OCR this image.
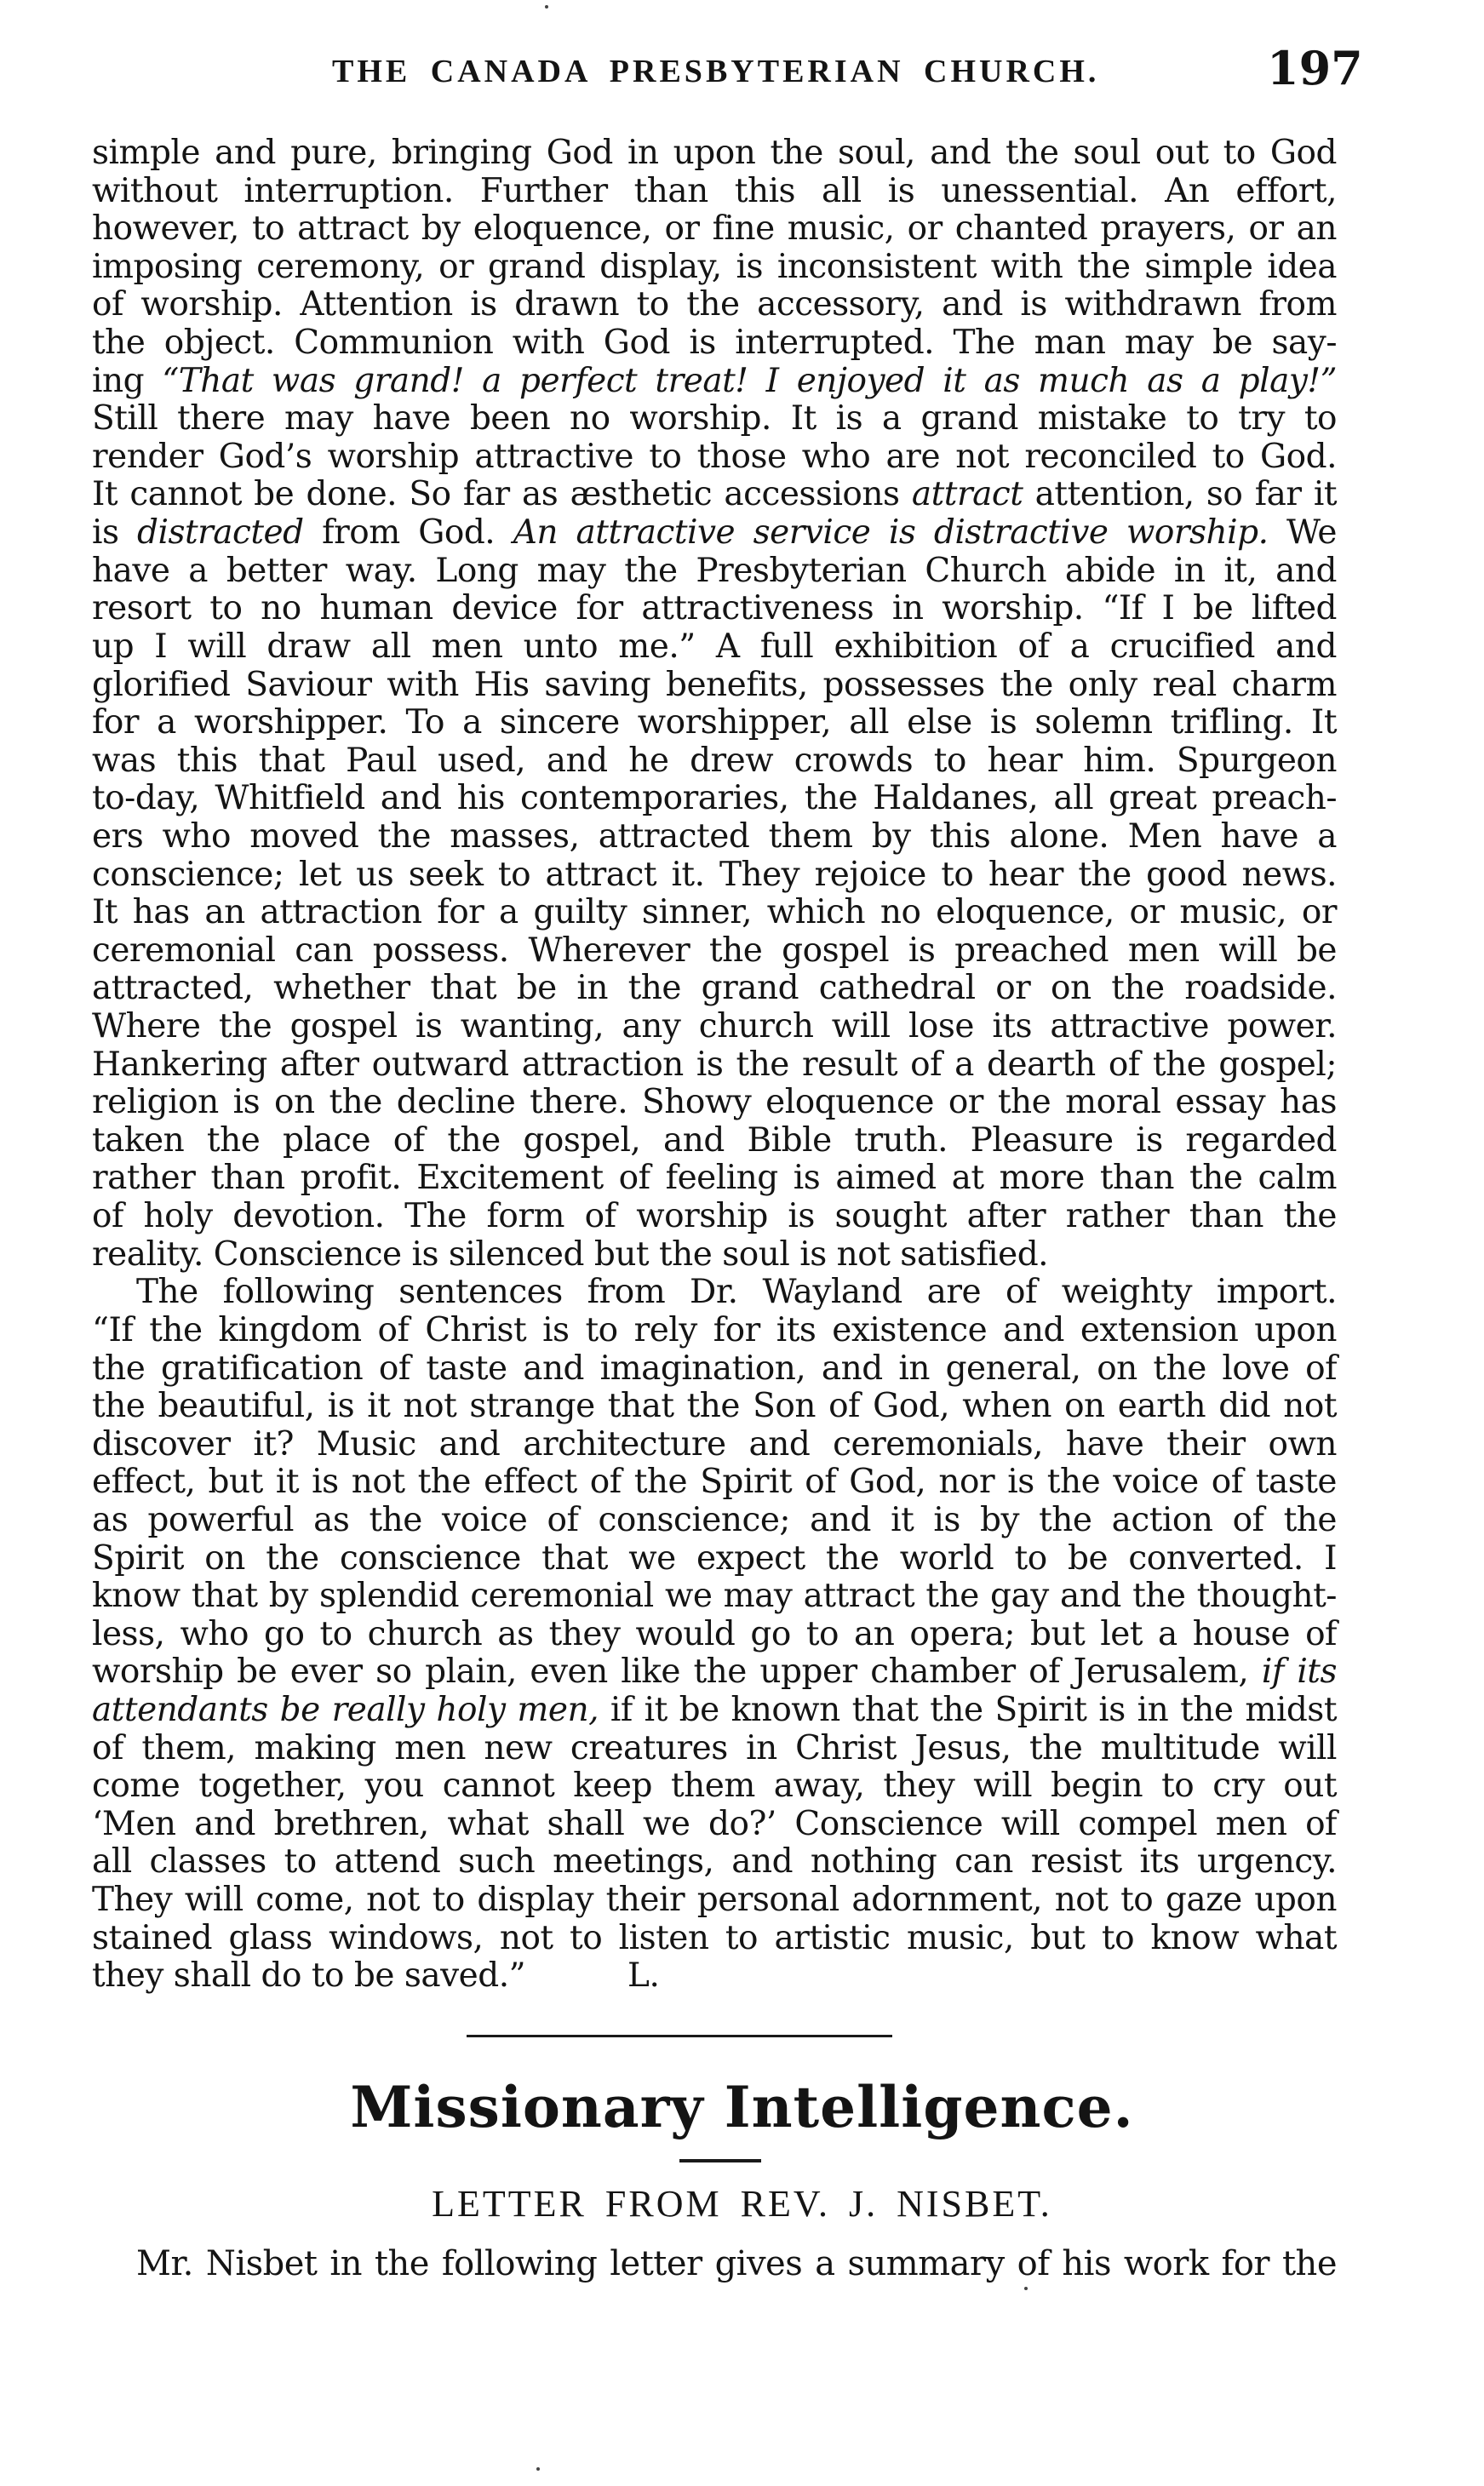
THE CANADA PRESBYTERIAN CHURCH.	197
simple and pure, bringing God in upon the soul, and the soul out to God
without interruption. Further than this all is unessential. An effort,
however, to attract by eloquence, or fine music, or chanted prayers, or an
imposing ceremony, or grand display, is inconsistent with the simple idea
of worship. Attention is drawn to the accessory, and is withdrawn from
the object. Communion with God is interrupted. The man may be say-
ing “That was grand! a perfect treat! I enjoyed it as much as a play!”
Still there may have been no worship. It is a grand mistake to try to
render God’s worship attractive to those who are not reconciled to God.
It cannot be done. So far as æsthetic accessions attract attention, so far it
is distracted from God. An attractive service is distractive worship. We
have a better way. Long may the Presbyterian Church abide in it, and
resort to no human device for attractiveness in worship. “If I be lifted
up I will draw all men unto me.” A full exhibition of a crucified and
glorified Saviour with His saving benefits, possesses the only real charm
for a worshipper. To a sincere worshipper, all else is solemn trifling. It
was this that Paul used, and he drew crowds to hear him. Spurgeon
to-day, Whitfield and his contemporaries, the Haldanes, all great preach-
ers who moved the masses, attracted them by this alone. Men have a
conscience; let us seek to attract it. They rejoice to hear the good news.
It has an attraction for a guilty sinner, which no eloquence, or music, or
ceremonial can possess. Wherever the gospel is preached men will be
attracted, whether that be in the grand cathedral or on the roadside.
Where the gospel is wanting, any church will lose its attractive power.
Hankering after outward attraction is the result of a dearth of the gospel;
religion is on the decline there. Showy eloquence or the moral essay has
taken the place of the gospel, and Bible truth. Pleasure is regarded
rather than profit. Excitement of feeling is aimed at more than the calm
of holy devotion. The form of worship is sought after rather than the
reality. Conscience is silenced but the soul is not satisfied.
The following sentences from Dr. Wayland are of weighty import.
“If the kingdom of Christ is to rely for its existence and extension upon
the gratification of taste and imagination, and in general, on the love of
the beautiful, is it not strange that the Son of God, when on earth did not
discover it? Music and architecture and ceremonials, have their own
effect, but it is not the effect of the Spirit of God, nor is the voice of taste
as powerful as the voice of conscience; and it is by the action of the
Spirit on the conscience that we expect the world to be converted. I
know that by splendid ceremonial we may attract the gay and the thought-
less, who go to church as they would go to an opera; but let a house of
worship be ever so plain, even like the upper chamber of Jerusalem, if its
attendants be really holy men, if it be known that the Spirit is in the midst
of them, making men new creatures in Christ Jesus, the multitude will
come together, you cannot keep them away, they will begin to cry out
‘Men and brethren, what shall we do?’ Conscience will compel men of
all classes to attend such meetings, and nothing can resist its urgency.
They will come, not to display their personal adornment, not to gaze upon
stained glass windows, not to listen to artistic music, but to know what
they shall do to be saved.”	L.
Missionary Intelligence.
LETTER FROM REV. J. NISBET.
Mr. Nisbet in the following letter gives a summary of his work for the
